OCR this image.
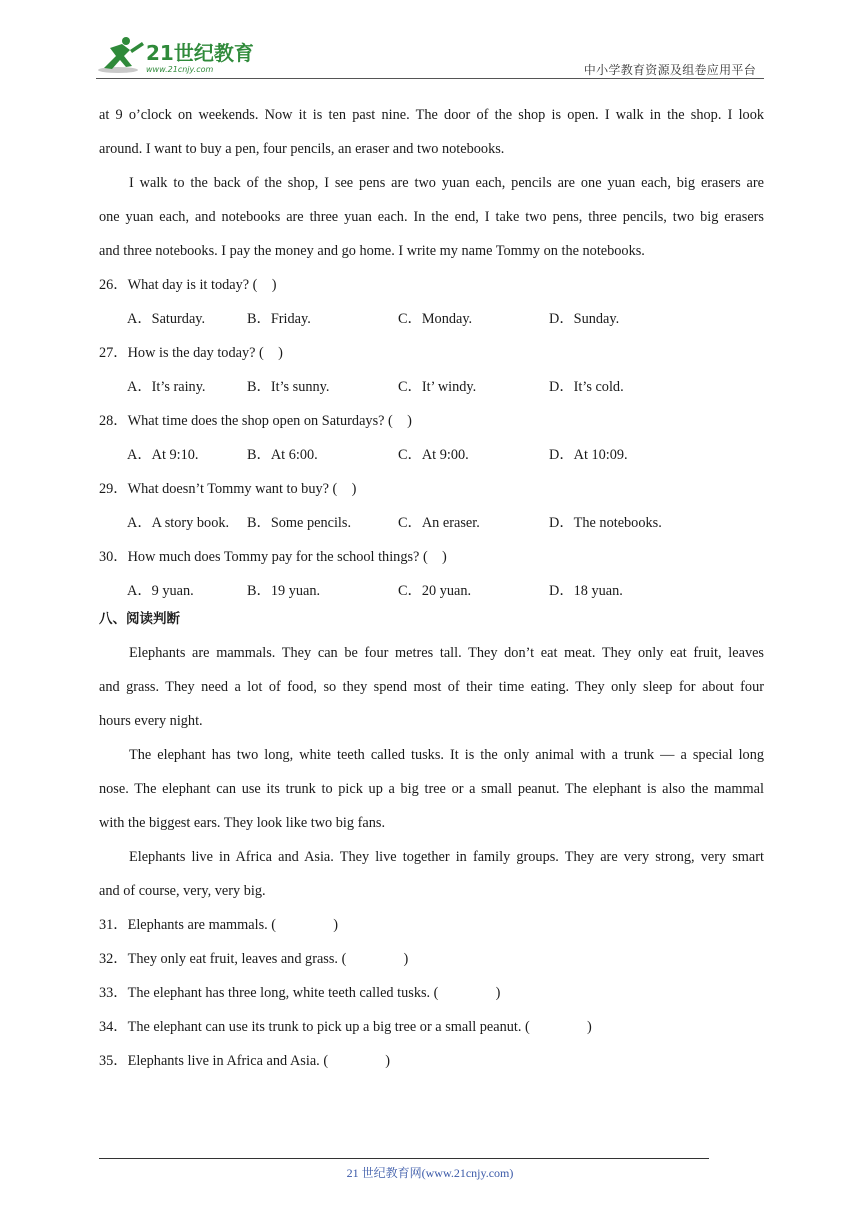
21世纪教育
www.21cnjy.com	中小学教育资源及组卷应用平台
at 9 o’clock on weekends. Now it is ten past nine. The door of the shop is open. I walk in the shop. I look
around. I want to buy a pen, four pencils, an eraser and two notebooks.
I walk to the back of the shop, I see pens are two yuan each, pencils are one yuan each, big erasers are
one yuan each, and notebooks are three yuan each. In the end, I take two pens, three pencils, two big erasers
and three notebooks. I pay the money and go home. I write my name Tommy on the notebooks.
26．What day is it today? (　)
A．Saturday.	B．Friday.	C．Monday.	D．Sunday.
27．How is the day today? (　)
A．It’s rainy.	B．It’s sunny.	C．It’ windy.	D．It’s cold.
28．What time does the shop open on Saturdays? (　)
A．At 9:10.	B．At 6:00.	C．At 9:00.	D．At 10:09.
29．What doesn’t Tommy want to buy? (　)
A．A story book. B．Some pencils.	C．An eraser.	D．The notebooks.
30．How much does Tommy pay for the school things? (　)
A．9 yuan.	B．19 yuan.	C．20 yuan.	D．18 yuan.
八、阅读判断
Elephants are mammals. They can be four metres tall. They don’t eat meat. They only eat fruit, leaves
and grass. They need a lot of food, so they spend most of their time eating. They only sleep for about four
hours every night.
The elephant has two long, white teeth called tusks. It is the only animal with a trunk — a special long
nose. The elephant can use its trunk to pick up a big tree or a small peanut. The elephant is also the mammal
with the biggest ears. They look like two big fans.
Elephants live in Africa and Asia. They live together in family groups. They are very strong, very smart
and of course, very, very big.
31．Elephants are mammals. (　　　　)
32．They only eat fruit, leaves and grass. (　　　　)
33．The elephant has three long, white teeth called tusks. (　　　　)
34．The elephant can use its trunk to pick up a big tree or a small peanut. (　　　　)
35．Elephants live in Africa and Asia. (　　　　)
21 世纪教育网(www.21cnjy.com)
